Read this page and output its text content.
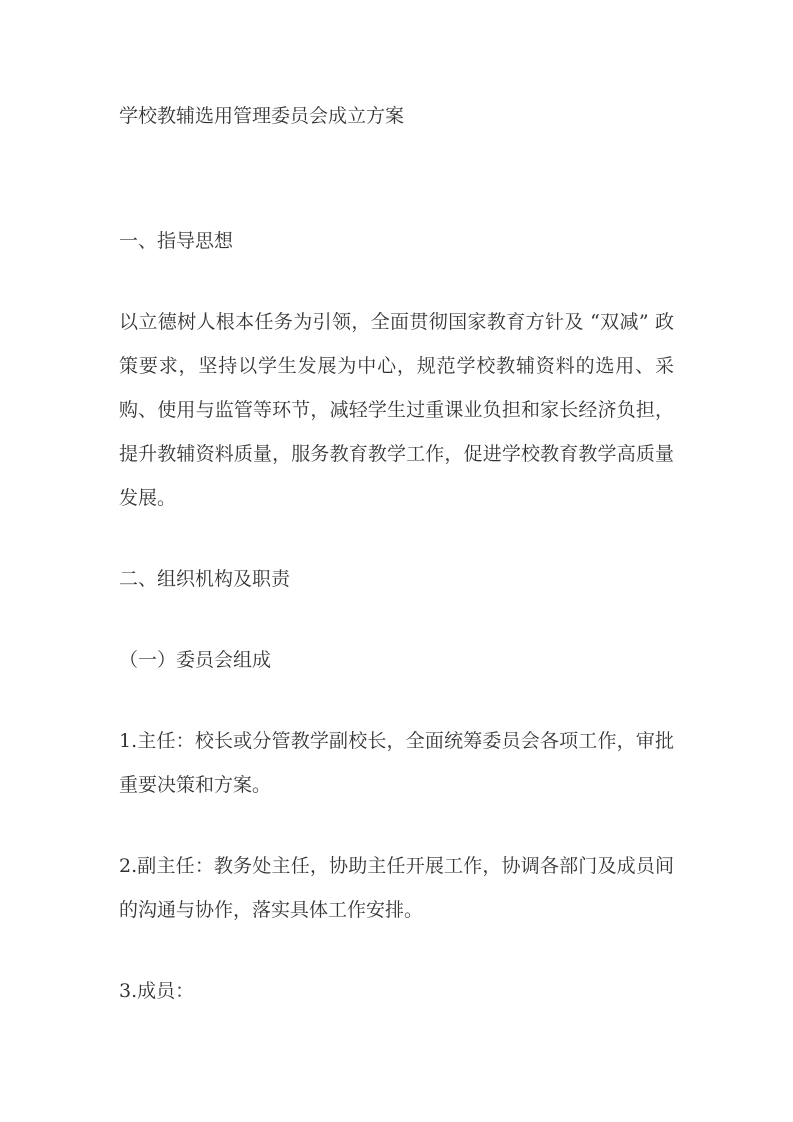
学校教辅选用管理委员会成立方案

一、指导思想

以立德树人根本任务为引领，全面贯彻国家教育方针及 “双减” 政策要求，坚持以学生发展为中心，规范学校教辅资料的选用、采购、使用与监管等环节，减轻学生过重课业负担和家长经济负担，提升教辅资料质量，服务教育教学工作，促进学校教育教学高质量发展。

二、组织机构及职责

（一）委员会组成

1.主任：校长或分管教学副校长，全面统筹委员会各项工作，审批重要决策和方案。

2.副主任：教务处主任，协助主任开展工作，协调各部门及成员间的沟通与协作，落实具体工作安排。

3.成员：
